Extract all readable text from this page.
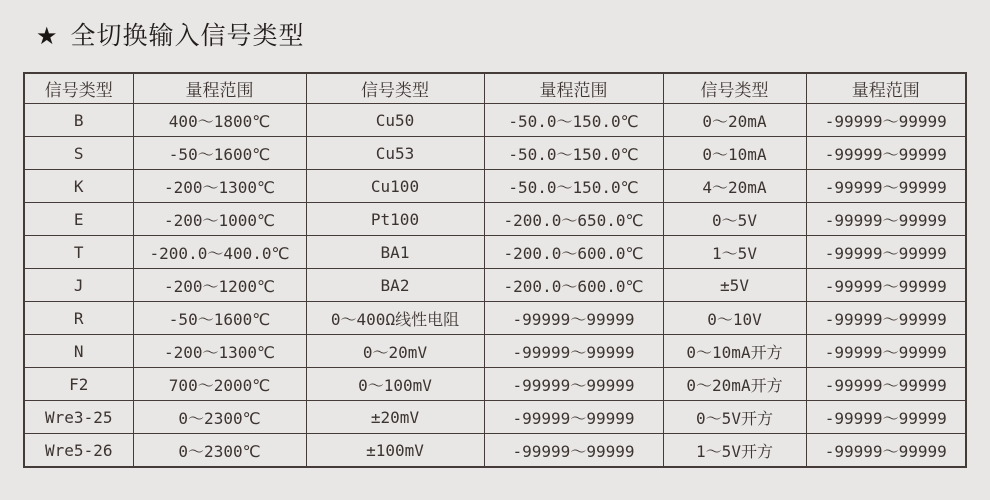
★ 全切换输入信号类型
信号类型	量程范围	信号类型	量程范围	信号类型	量程范围
B	400～1800℃	Cu50	-50.0～150.0℃	0～20mA	-99999～99999
S	-50～1600℃	Cu53	-50.0～150.0℃	0～10mA	-99999～99999
K	-200～1300℃	Cu100	-50.0～150.0℃	4～20mA	-99999～99999
E	-200～1000℃	Pt100	-200.0～650.0℃	0～5V	-99999～99999
T	-200.0～400.0℃	BA1	-200.0～600.0℃	1～5V	-99999～99999
J	-200～1200℃	BA2	-200.0～600.0℃	±5V	-99999～99999
R	-50～1600℃	0～400Ω线性电阻	-99999～99999	0～10V	-99999～99999
N	-200～1300℃	0～20mV	-99999～99999	0～10mA开方	-99999～99999
F2	700～2000℃	0～100mV	-99999～99999	0～20mA开方	-99999～99999
Wre3-25	0～2300℃	±20mV	-99999～99999	0～5V开方	-99999～99999
Wre5-26	0～2300℃	±100mV	-99999～99999	1～5V开方	-99999～99999
